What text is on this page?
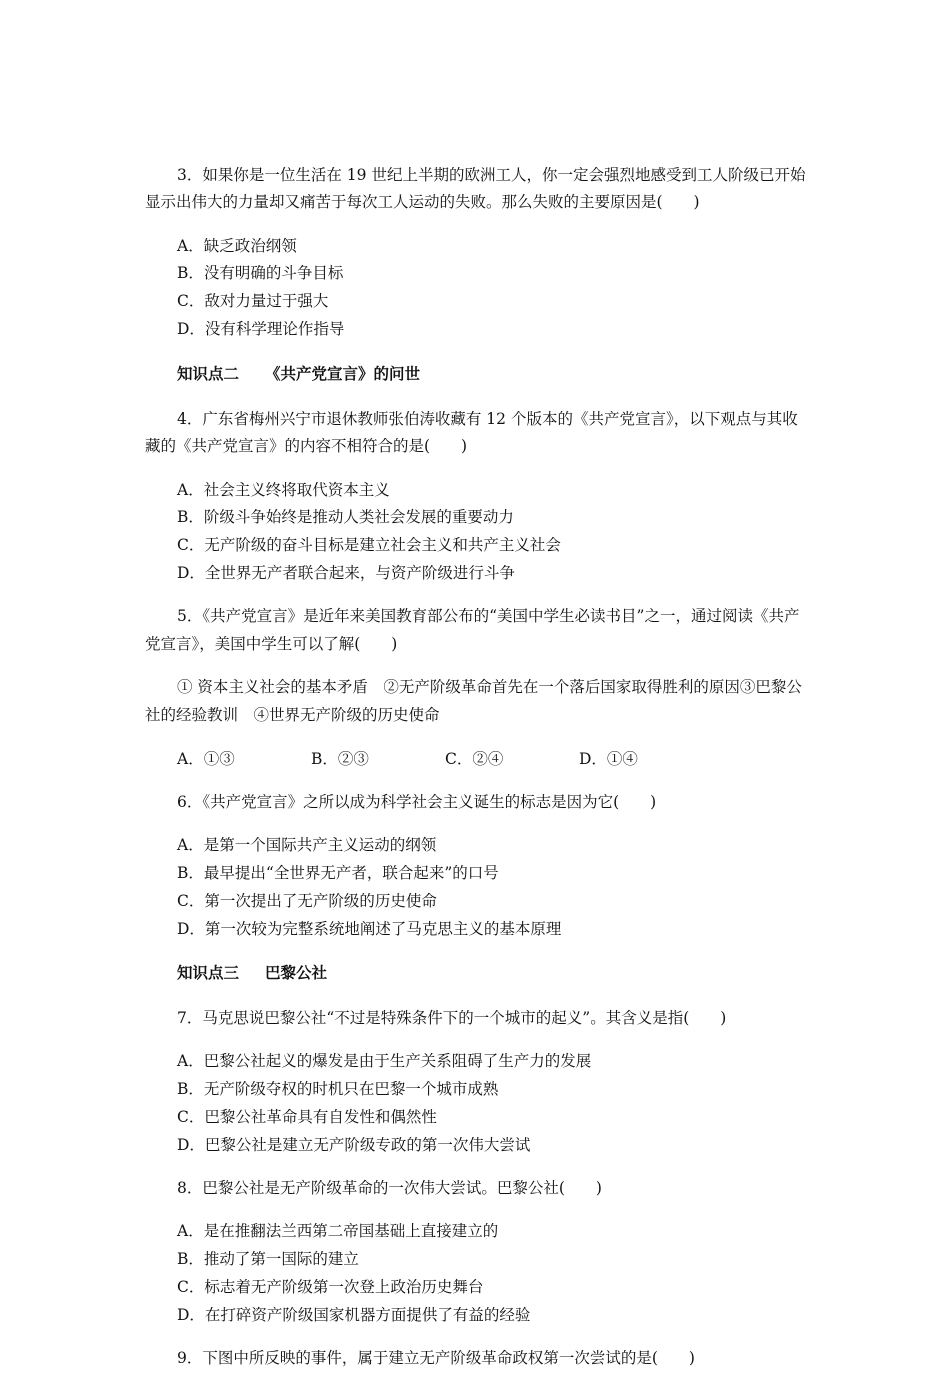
3．如果你是一位生活在 19 世纪上半期的欧洲工人，你一定会强烈地感受到工人阶级已开始显示出伟大的力量却又痛苦于每次工人运动的失败。那么失败的主要原因是(　　)

A．缺乏政治纲领

B．没有明确的斗争目标

C．敌对力量过于强大

D．没有科学理论作指导

知识点二 《共产党宣言》的问世

4．广东省梅州兴宁市退休教师张伯涛收藏有 12 个版本的《共产党宣言》，以下观点与其收藏的《共产党宣言》的内容不相符合的是(　　)

A．社会主义终将取代资本主义

B．阶级斗争始终是推动人类社会发展的重要动力

C．无产阶级的奋斗目标是建立社会主义和共产主义社会

D．全世界无产者联合起来，与资产阶级进行斗争

5．《共产党宣言》是近年来美国教育部公布的“美国中学生必读书目”之一，通过阅读《共产党宣言》，美国中学生可以了解(　　)

① 资本主义社会的基本矛盾　②无产阶级革命首先在一个落后国家取得胜利的原因③巴黎公社的经验教训　④世界无产阶级的历史使命

A．①③	B．②③	C．②④	D．①④

6．《共产党宣言》之所以成为科学社会主义诞生的标志是因为它(　　)

A．是第一个国际共产主义运动的纲领

B．最早提出“全世界无产者，联合起来”的口号

C．第一次提出了无产阶级的历史使命

D．第一次较为完整系统地阐述了马克思主义的基本原理

知识点三 巴黎公社

7．马克思说巴黎公社“不过是特殊条件下的一个城市的起义”。其含义是指(　　)

A．巴黎公社起义的爆发是由于生产关系阻碍了生产力的发展

B．无产阶级夺权的时机只在巴黎一个城市成熟

C．巴黎公社革命具有自发性和偶然性

D．巴黎公社是建立无产阶级专政的第一次伟大尝试

8．巴黎公社是无产阶级革命的一次伟大尝试。巴黎公社(　　)

A．是在推翻法兰西第二帝国基础上直接建立的

B．推动了第一国际的建立

C．标志着无产阶级第一次登上政治历史舞台

D．在打碎资产阶级国家机器方面提供了有益的经验

9．下图中所反映的事件，属于建立无产阶级革命政权第一次尝试的是(　　)
